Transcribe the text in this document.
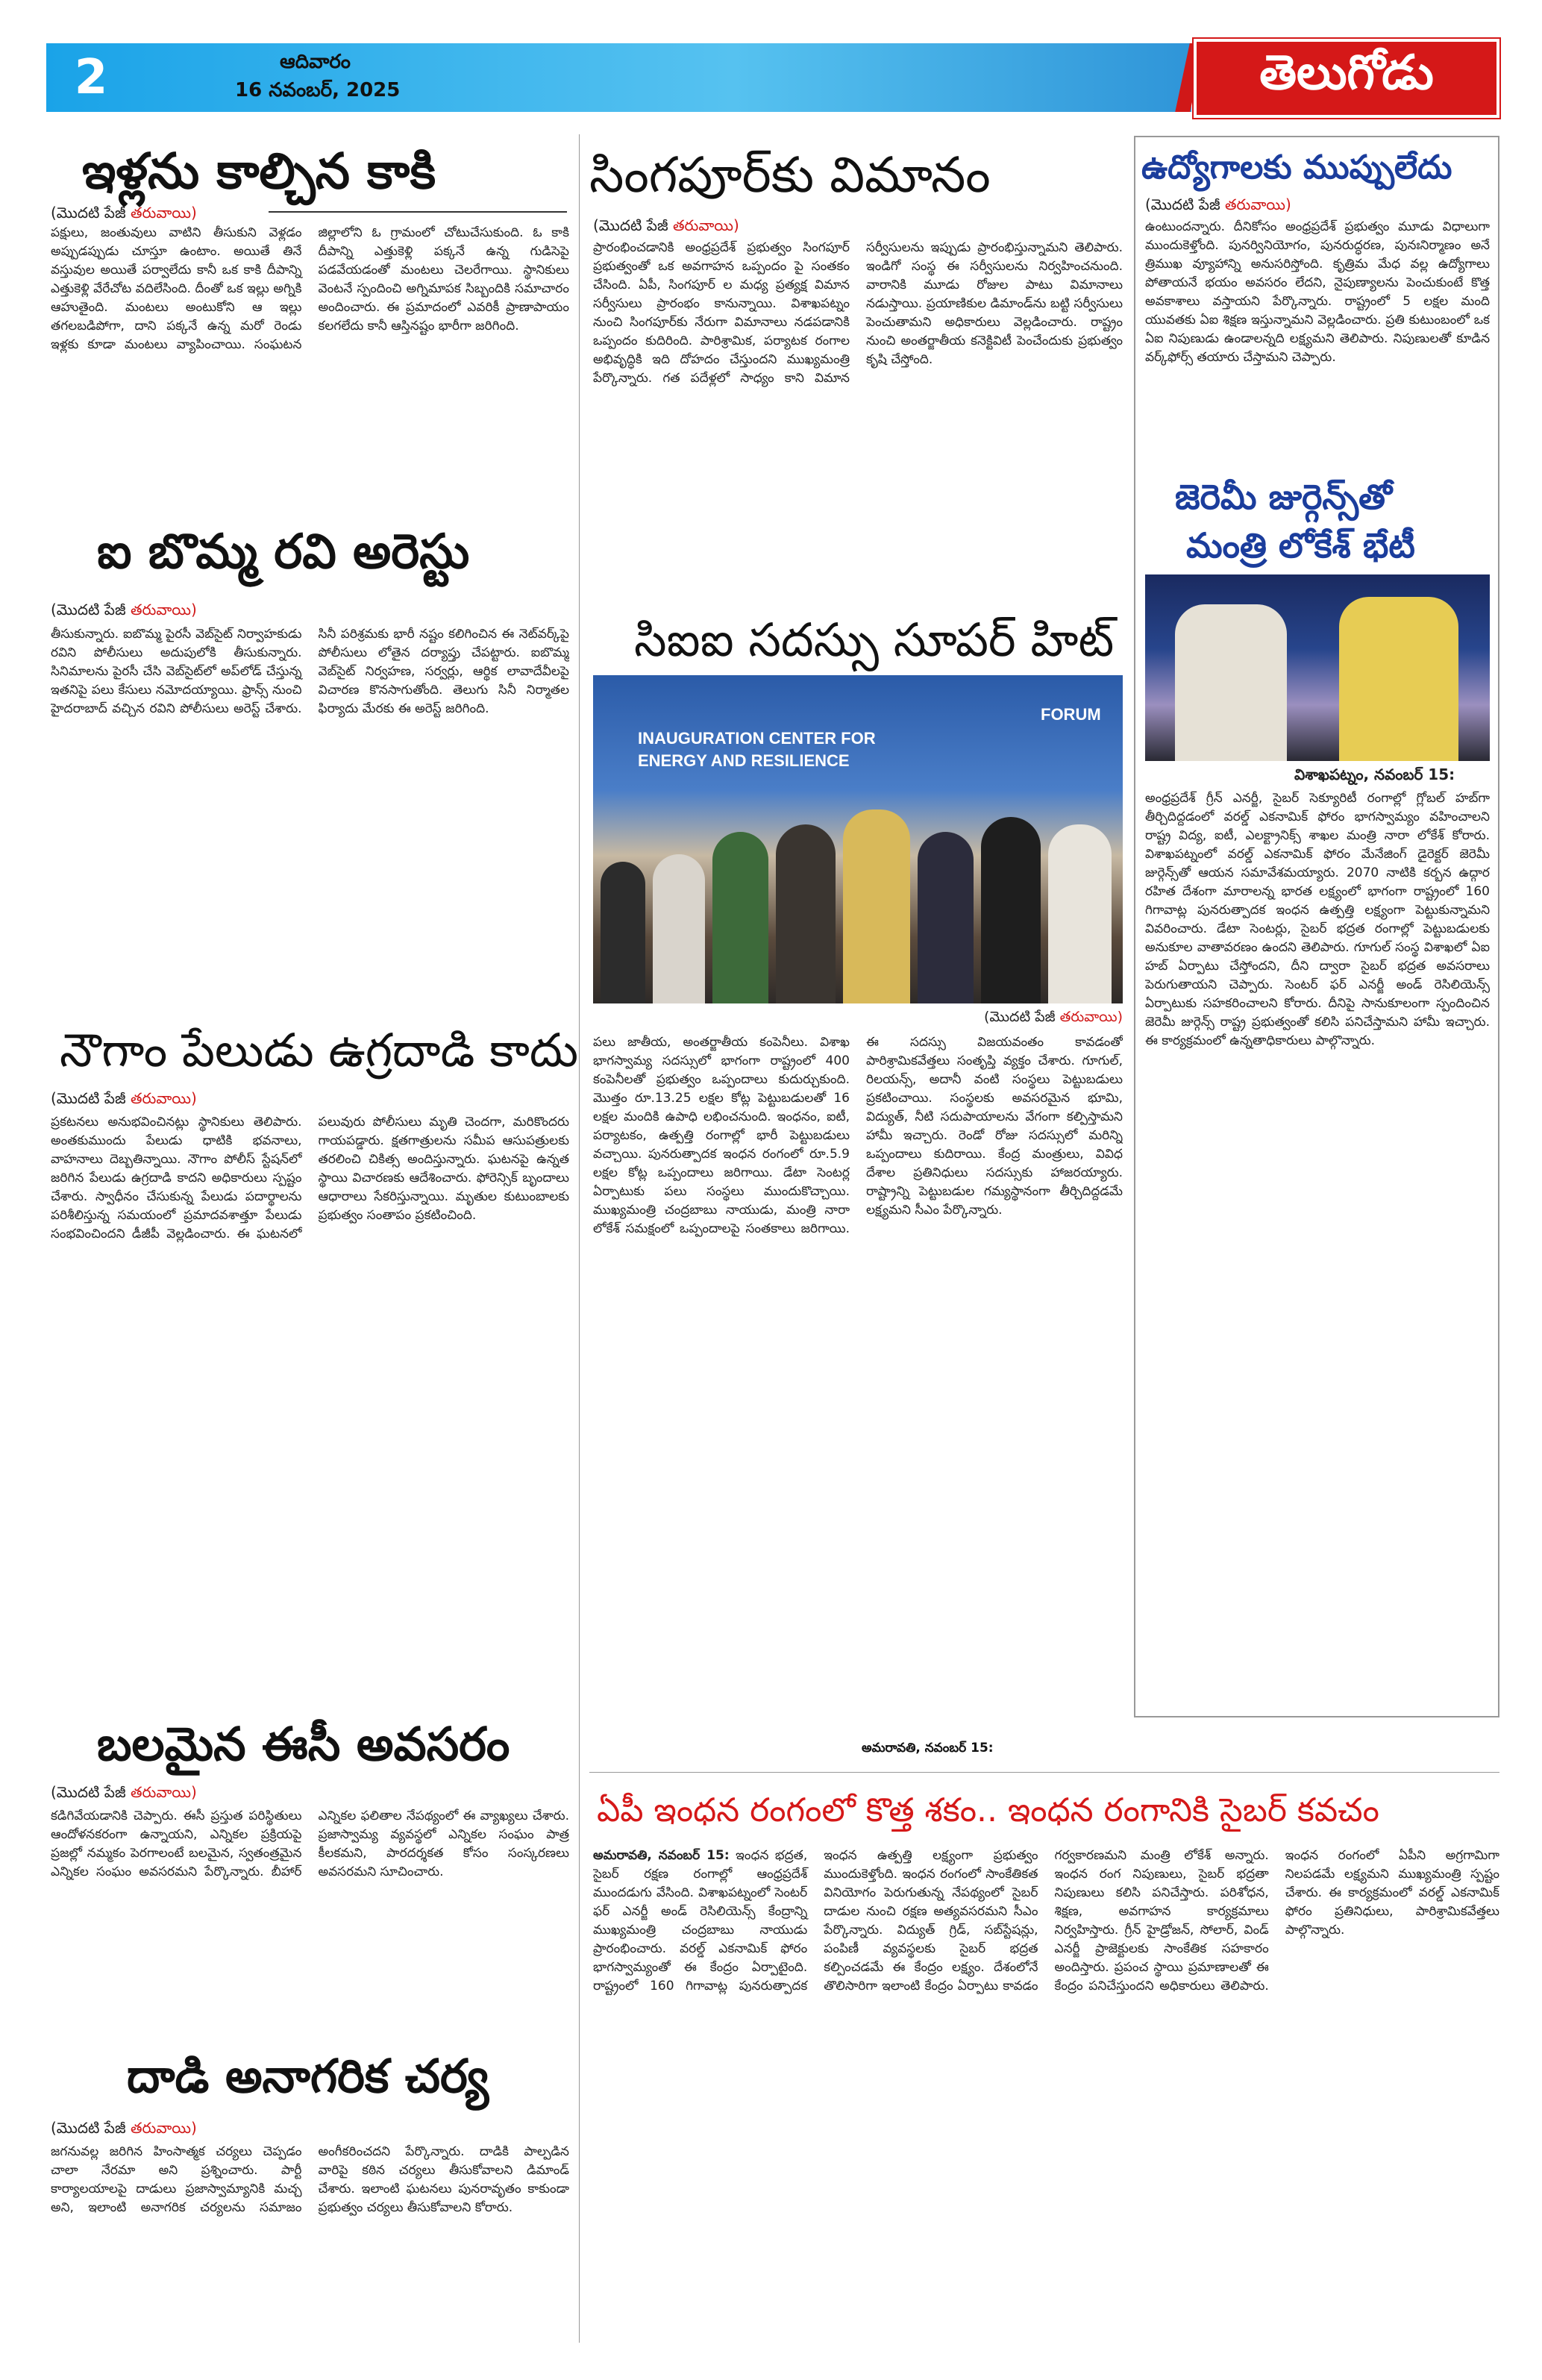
2	ఆదివారం
16 నవంబర్, 2025	తెలుగోడు
ఇళ్లను కాల్చిన కాకి
(మొదటి పేజీ తరువాయి)
పక్షులు, జంతువులు వాటిని తీసుకుని వెళ్లడం అప్పుడప్పుడు చూస్తూ ఉంటాం. అయితే తినే వస్తువుల అయితే పర్వాలేదు కానీ ఒక కాకి దీపాన్ని ఎత్తుకెళ్లి వేరేచోట వదిలేసింది. దీంతో ఒక ఇల్లు అగ్నికి ఆహుతైంది. మంటలు అంటుకోని ఆ ఇల్లు తగలబడిపోగా, దాని పక్కనే ఉన్న మరో రెండు ఇళ్లకు కూడా మంటలు వ్యాపించాయి. సంఘటన జిల్లాలోని ఓ గ్రామంలో చోటుచేసుకుంది. ఓ కాకి దీపాన్ని ఎత్తుకెళ్లి పక్కనే ఉన్న గుడిసెపై పడవేయడంతో మంటలు చెలరేగాయి. స్థానికులు వెంటనే స్పందించి అగ్నిమాపక సిబ్బందికి సమాచారం అందించారు. ఈ ప్రమాదంలో ఎవరికీ ప్రాణాపాయం కలగలేదు కానీ ఆస్తినష్టం భారీగా జరిగింది.
ఐ బొమ్మ రవి అరెస్టు
(మొదటి పేజీ తరువాయి)
తీసుకున్నారు. ఐబొమ్మ పైరసీ వెబ్‌సైట్ నిర్వాహకుడు రవిని పోలీసులు అదుపులోకి తీసుకున్నారు. సినిమాలను పైరసీ చేసి వెబ్‌సైట్‌లో అప్‌లోడ్ చేస్తున్న ఇతనిపై పలు కేసులు నమోదయ్యాయి. ఫ్రాన్స్ నుంచి హైదరాబాద్ వచ్చిన రవిని పోలీసులు అరెస్ట్ చేశారు. సినీ పరిశ్రమకు భారీ నష్టం కలిగించిన ఈ నెట్‌వర్క్‌పై పోలీసులు లోతైన దర్యాప్తు చేపట్టారు. ఐబొమ్మ వెబ్‌సైట్ నిర్వహణ, సర్వర్లు, ఆర్థిక లావాదేవీలపై విచారణ కొనసాగుతోంది. తెలుగు సినీ నిర్మాతల ఫిర్యాదు మేరకు ఈ అరెస్ట్ జరిగింది.
నౌగాం పేలుడు ఉగ్రదాడి కాదు
(మొదటి పేజీ తరువాయి)
ప్రకటనలు అనుభవించినట్లు స్థానికులు తెలిపారు. అంతకుముందు పేలుడు ధాటికి భవనాలు, వాహనాలు దెబ్బతిన్నాయి. నౌగాం పోలీస్ స్టేషన్‌లో జరిగిన పేలుడు ఉగ్రదాడి కాదని అధికారులు స్పష్టం చేశారు. స్వాధీనం చేసుకున్న పేలుడు పదార్థాలను పరిశీలిస్తున్న సమయంలో ప్రమాదవశాత్తూ పేలుడు సంభవించిందని డీజీపీ వెల్లడించారు. ఈ ఘటనలో పలువురు పోలీసులు మృతి చెందగా, మరికొందరు గాయపడ్డారు. క్షతగాత్రులను సమీప ఆసుపత్రులకు తరలించి చికిత్స అందిస్తున్నారు. ఘటనపై ఉన్నత స్థాయి విచారణకు ఆదేశించారు. ఫోరెన్సిక్ బృందాలు ఆధారాలు సేకరిస్తున్నాయి. మృతుల కుటుంబాలకు ప్రభుత్వం సంతాపం ప్రకటించింది.
బలమైన ఈసీ అవసరం
(మొదటి పేజీ తరువాయి)
కడిగివేయడానికి చెప్పారు. ఈసీ ప్రస్తుత పరిస్థితులు ఆందోళనకరంగా ఉన్నాయని, ఎన్నికల ప్రక్రియపై ప్రజల్లో నమ్మకం పెరగాలంటే బలమైన, స్వతంత్రమైన ఎన్నికల సంఘం అవసరమని పేర్కొన్నారు. బీహార్ ఎన్నికల ఫలితాల నేపథ్యంలో ఈ వ్యాఖ్యలు చేశారు. ప్రజాస్వామ్య వ్యవస్థలో ఎన్నికల సంఘం పాత్ర కీలకమని, పారదర్శకత కోసం సంస్కరణలు అవసరమని సూచించారు.
దాడి అనాగరిక చర్య
(మొదటి పేజీ తరువాయి)
జగనువల్ల జరిగిన హింసాత్మక చర్యలు చెప్పడం చాలా నేరమా అని ప్రశ్నించారు. పార్టీ కార్యాలయాలపై దాడులు ప్రజాస్వామ్యానికి మచ్చ అని, ఇలాంటి అనాగరిక చర్యలను సమాజం అంగీకరించదని పేర్కొన్నారు. దాడికి పాల్పడిన వారిపై కఠిన చర్యలు తీసుకోవాలని డిమాండ్ చేశారు. ఇలాంటి ఘటనలు పునరావృతం కాకుండా ప్రభుత్వం చర్యలు తీసుకోవాలని కోరారు.
సింగపూర్‌కు విమానం
(మొదటి పేజీ తరువాయి)
ప్రారంభించడానికి అంధ్రప్రదేశ్ ప్రభుత్వం సింగపూర్ ప్రభుత్వంతో ఒక అవగాహన ఒప్పందం పై సంతకం చేసింది. ఏపీ, సింగపూర్ ల మధ్య ప్రత్యక్ష విమాన సర్వీసులు ప్రారంభం కానున్నాయి. విశాఖపట్నం నుంచి సింగపూర్‌కు నేరుగా విమానాలు నడపడానికి ఒప్పందం కుదిరింది. పారిశ్రామిక, పర్యాటక రంగాల అభివృద్ధికి ఇది దోహదం చేస్తుందని ముఖ్యమంత్రి పేర్కొన్నారు. గత పదేళ్లలో సాధ్యం కాని విమాన సర్వీసులను ఇప్పుడు ప్రారంభిస్తున్నామని తెలిపారు. ఇండిగో సంస్థ ఈ సర్వీసులను నిర్వహించనుంది. వారానికి మూడు రోజుల పాటు విమానాలు నడుస్తాయి. ప్రయాణికుల డిమాండ్‌ను బట్టి సర్వీసులు పెంచుతామని అధికారులు వెల్లడించారు. రాష్ట్రం నుంచి అంతర్జాతీయ కనెక్టివిటీ పెంచేందుకు ప్రభుత్వం కృషి చేస్తోంది.
సిఐఐ సదస్సు సూపర్ హిట్
INAUGURATION CENTER FOR ENERGY AND RESILIENCE
FORUM
(మొదటి పేజీ తరువాయి)
పలు జాతీయ, అంతర్జాతీయ కంపెనీలు. విశాఖ భాగస్వామ్య సదస్సులో భాగంగా రాష్ట్రంలో 400 కంపెనీలతో ప్రభుత్వం ఒప్పందాలు కుదుర్చుకుంది. మొత్తం రూ.13.25 లక్షల కోట్ల పెట్టుబడులతో 16 లక్షల మందికి ఉపాధి లభించనుంది. ఇంధనం, ఐటీ, పర్యాటకం, ఉత్పత్తి రంగాల్లో భారీ పెట్టుబడులు వచ్చాయి. పునరుత్పాదక ఇంధన రంగంలో రూ.5.9 లక్షల కోట్ల ఒప్పందాలు జరిగాయి. డేటా సెంటర్ల ఏర్పాటుకు పలు సంస్థలు ముందుకొచ్చాయి. ముఖ్యమంత్రి చంద్రబాబు నాయుడు, మంత్రి నారా లోకేశ్ సమక్షంలో ఒప్పందాలపై సంతకాలు జరిగాయి. ఈ సదస్సు విజయవంతం కావడంతో పారిశ్రామికవేత్తలు సంతృప్తి వ్యక్తం చేశారు. గూగుల్, రిలయన్స్, అదానీ వంటి సంస్థలు పెట్టుబడులు ప్రకటించాయి. సంస్థలకు అవసరమైన భూమి, విద్యుత్, నీటి సదుపాయాలను వేగంగా కల్పిస్తామని హామీ ఇచ్చారు. రెండో రోజు సదస్సులో మరిన్ని ఒప్పందాలు కుదిరాయి. కేంద్ర మంత్రులు, వివిధ దేశాల ప్రతినిధులు సదస్సుకు హాజరయ్యారు. రాష్ట్రాన్ని పెట్టుబడుల గమ్యస్థానంగా తీర్చిదిద్దడమే లక్ష్యమని సీఎం పేర్కొన్నారు.
అమరావతి, నవంబర్ 15:
ఉద్యోగాలకు ముప్పులేదు
(మొదటి పేజీ తరువాయి)
ఉంటుందన్నారు. దీనికోసం అంధ్రప్రదేశ్ ప్రభుత్వం మూడు విధాలుగా ముందుకెళ్తోంది. పునర్వినియోగం, పునరుద్ధరణ, పునఃనిర్మాణం అనే త్రిముఖ వ్యూహాన్ని అనుసరిస్తోంది. కృత్రిమ మేధ వల్ల ఉద్యోగాలు పోతాయనే భయం అవసరం లేదని, నైపుణ్యాలను పెంచుకుంటే కొత్త అవకాశాలు వస్తాయని పేర్కొన్నారు. రాష్ట్రంలో 5 లక్షల మంది యువతకు ఏఐ శిక్షణ ఇస్తున్నామని వెల్లడించారు. ప్రతి కుటుంబంలో ఒక ఏఐ నిపుణుడు ఉండాలన్నది లక్ష్యమని తెలిపారు. నిపుణులతో కూడిన వర్క్‌ఫోర్స్ తయారు చేస్తామని చెప్పారు.
జెరెమీ జుర్గెన్స్‌తో
మంత్రి లోకేశ్ భేటీ
విశాఖపట్నం, నవంబర్ 15:
అంధ్రప్రదేశ్ గ్రీన్ ఎనర్జీ, సైబర్ సెక్యూరిటీ రంగాల్లో గ్లోబల్ హబ్‌గా తీర్చిదిద్దడంలో వరల్డ్ ఎకనామిక్ ఫోరం భాగస్వామ్యం వహించాలని రాష్ట్ర విద్య, ఐటీ, ఎలక్ట్రానిక్స్ శాఖల మంత్రి నారా లోకేశ్ కోరారు. విశాఖపట్నంలో వరల్డ్ ఎకనామిక్ ఫోరం మేనేజింగ్ డైరెక్టర్ జెరెమీ జుర్గెన్స్‌తో ఆయన సమావేశమయ్యారు. 2070 నాటికి కర్బన ఉద్గార రహిత దేశంగా మారాలన్న భారత లక్ష్యంలో భాగంగా రాష్ట్రంలో 160 గిగావాట్ల పునరుత్పాదక ఇంధన ఉత్పత్తి లక్ష్యంగా పెట్టుకున్నామని వివరించారు. డేటా సెంటర్లు, సైబర్ భద్రత రంగాల్లో పెట్టుబడులకు అనుకూల వాతావరణం ఉందని తెలిపారు. గూగుల్ సంస్థ విశాఖలో ఏఐ హబ్ ఏర్పాటు చేస్తోందని, దీని ద్వారా సైబర్ భద్రత అవసరాలు పెరుగుతాయని చెప్పారు. సెంటర్ ఫర్ ఎనర్జీ అండ్ రెసిలియెన్స్ ఏర్పాటుకు సహకరించాలని కోరారు. దీనిపై సానుకూలంగా స్పందించిన జెరెమీ జుర్గెన్స్ రాష్ట్ర ప్రభుత్వంతో కలిసి పనిచేస్తామని హామీ ఇచ్చారు. ఈ కార్యక్రమంలో ఉన్నతాధికారులు పాల్గొన్నారు.
ఏపీ ఇంధన రంగంలో కొత్త శకం.. ఇంధన రంగానికి సైబర్ కవచం
అమరావతి, నవంబర్ 15: ఇంధన భద్రత, సైబర్ రక్షణ రంగాల్లో ఆంధ్రప్రదేశ్ ముందడుగు వేసింది. విశాఖపట్నంలో సెంటర్ ఫర్ ఎనర్జీ అండ్ రెసిలియెన్స్ కేంద్రాన్ని ముఖ్యమంత్రి చంద్రబాబు నాయుడు ప్రారంభించారు. వరల్డ్ ఎకనామిక్ ఫోరం భాగస్వామ్యంతో ఈ కేంద్రం ఏర్పాటైంది. రాష్ట్రంలో 160 గిగావాట్ల పునరుత్పాదక ఇంధన ఉత్పత్తి లక్ష్యంగా ప్రభుత్వం ముందుకెళ్తోంది. ఇంధన రంగంలో సాంకేతికత వినియోగం పెరుగుతున్న నేపథ్యంలో సైబర్ దాడుల నుంచి రక్షణ అత్యవసరమని సీఎం పేర్కొన్నారు. విద్యుత్ గ్రిడ్, సబ్‌స్టేషన్లు, పంపిణీ వ్యవస్థలకు సైబర్ భద్రత కల్పించడమే ఈ కేంద్రం లక్ష్యం. దేశంలోనే తొలిసారిగా ఇలాంటి కేంద్రం ఏర్పాటు కావడం గర్వకారణమని మంత్రి లోకేశ్ అన్నారు. ఇంధన రంగ నిపుణులు, సైబర్ భద్రతా నిపుణులు కలిసి పనిచేస్తారు. పరిశోధన, శిక్షణ, అవగాహన కార్యక్రమాలు నిర్వహిస్తారు. గ్రీన్ హైడ్రోజన్, సోలార్, విండ్ ఎనర్జీ ప్రాజెక్టులకు సాంకేతిక సహకారం అందిస్తారు. ప్రపంచ స్థాయి ప్రమాణాలతో ఈ కేంద్రం పనిచేస్తుందని అధికారులు తెలిపారు. ఇంధన రంగంలో ఏపీని అగ్రగామిగా నిలపడమే లక్ష్యమని ముఖ్యమంత్రి స్పష్టం చేశారు. ఈ కార్యక్రమంలో వరల్డ్ ఎకనామిక్ ఫోరం ప్రతినిధులు, పారిశ్రామికవేత్తలు పాల్గొన్నారు.
